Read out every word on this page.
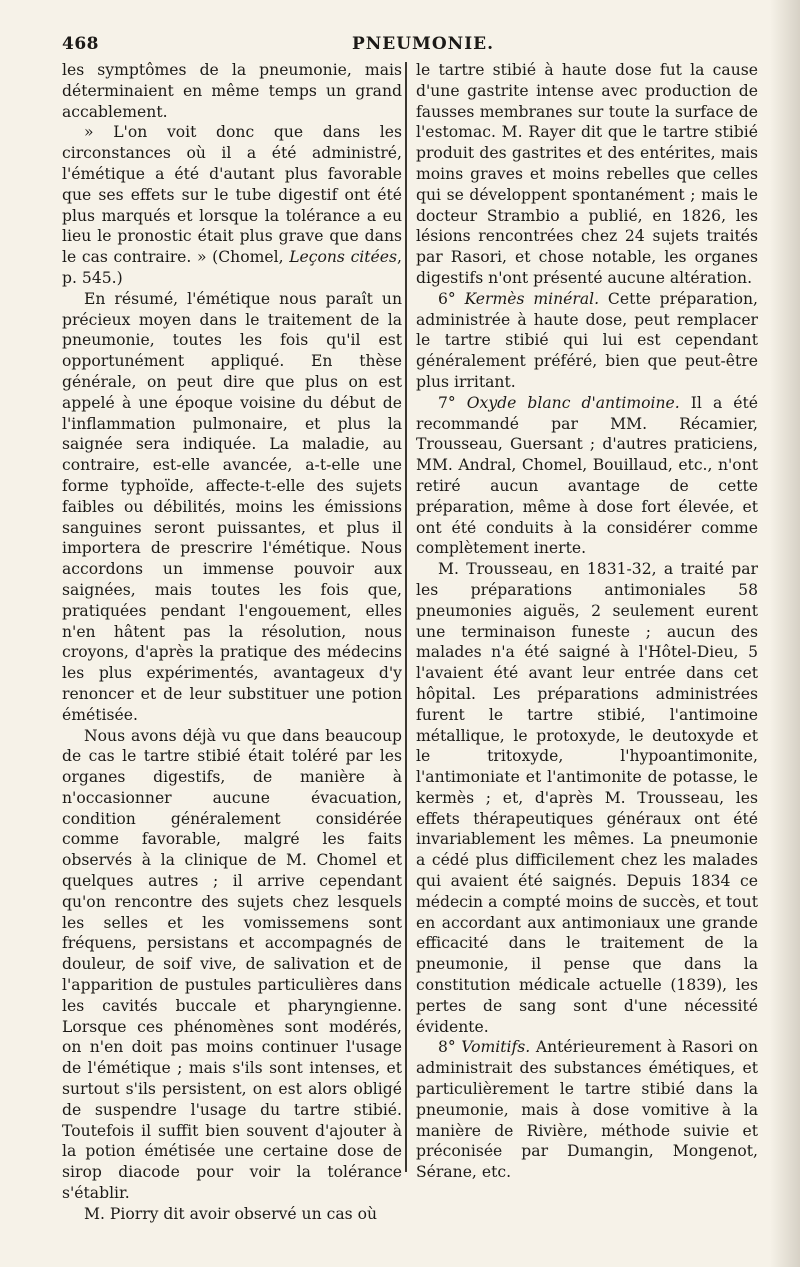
468	PNEUMONIE.

les symptômes de la pneumonie, mais déterminaient en même temps un grand accablement.

» L'on voit donc que dans les circonstances où il a été administré, l'émétique a été d'autant plus favorable que ses effets sur le tube digestif ont été plus marqués et lorsque la tolérance a eu lieu le pronostic était plus grave que dans le cas contraire. » (Chomel, Leçons citées, p. 545.)

En résumé, l'émétique nous paraît un précieux moyen dans le traitement de la pneumonie, toutes les fois qu'il est opportunément appliqué. En thèse générale, on peut dire que plus on est appelé à une époque voisine du début de l'inflammation pulmonaire, et plus la saignée sera indiquée. La maladie, au contraire, est-elle avancée, a-t-elle une forme typhoïde, affecte-t-elle des sujets faibles ou débilités, moins les émissions sanguines seront puissantes, et plus il importera de prescrire l'émétique. Nous accordons un immense pouvoir aux saignées, mais toutes les fois que, pratiquées pendant l'engouement, elles n'en hâtent pas la résolution, nous croyons, d'après la pratique des médecins les plus expérimentés, avantageux d'y renoncer et de leur substituer une potion émétisée.

Nous avons déjà vu que dans beaucoup de cas le tartre stibié était toléré par les organes digestifs, de manière à n'occasionner aucune évacuation, condition généralement considérée comme favorable, malgré les faits observés à la clinique de M. Chomel et quelques autres ; il arrive cependant qu'on rencontre des sujets chez lesquels les selles et les vomissemens sont fréquens, persistans et accompagnés de douleur, de soif vive, de salivation et de l'apparition de pustules particulières dans les cavités buccale et pharyngienne. Lorsque ces phénomènes sont modérés, on n'en doit pas moins continuer l'usage de l'émétique ; mais s'ils sont intenses, et surtout s'ils persistent, on est alors obligé de suspendre l'usage du tartre stibié. Toutefois il suffit bien souvent d'ajouter à la potion émétisée une certaine dose de sirop diacode pour voir la tolérance s'établir.

M. Piorry dit avoir observé un cas où

le tartre stibié à haute dose fut la cause d'une gastrite intense avec production de fausses membranes sur toute la surface de l'estomac. M. Rayer dit que le tartre stibié produit des gastrites et des entérites, mais moins graves et moins rebelles que celles qui se développent spontanément ; mais le docteur Strambio a publié, en 1826, les lésions rencontrées chez 24 sujets traités par Rasori, et chose notable, les organes digestifs n'ont présenté aucune altération.

6° Kermès minéral. Cette préparation, administrée à haute dose, peut remplacer le tartre stibié qui lui est cependant généralement préféré, bien que peut-être plus irritant.

7° Oxyde blanc d'antimoine. Il a été recommandé par MM. Récamier, Trousseau, Guersant ; d'autres praticiens, MM. Andral, Chomel, Bouillaud, etc., n'ont retiré aucun avantage de cette préparation, même à dose fort élevée, et ont été conduits à la considérer comme complètement inerte.

M. Trousseau, en 1831-32, a traité par les préparations antimoniales 58 pneumonies aiguës, 2 seulement eurent une terminaison funeste ; aucun des malades n'a été saigné à l'Hôtel-Dieu, 5 l'avaient été avant leur entrée dans cet hôpital. Les préparations administrées furent le tartre stibié, l'antimoine métallique, le protoxyde, le deutoxyde et le tritoxyde, l'hypoantimonite, l'antimoniate et l'antimonite de potasse, le kermès ; et, d'après M. Trousseau, les effets thérapeutiques généraux ont été invariablement les mêmes. La pneumonie a cédé plus difficilement chez les malades qui avaient été saignés. Depuis 1834 ce médecin a compté moins de succès, et tout en accordant aux antimoniaux une grande efficacité dans le traitement de la pneumonie, il pense que dans la constitution médicale actuelle (1839), les pertes de sang sont d'une nécessité évidente.

8° Vomitifs. Antérieurement à Rasori on administrait des substances émétiques, et particulièrement le tartre stibié dans la pneumonie, mais à dose vomitive à la manière de Rivière, méthode suivie et préconisée par Dumangin, Mongenot, Sérane, etc.
